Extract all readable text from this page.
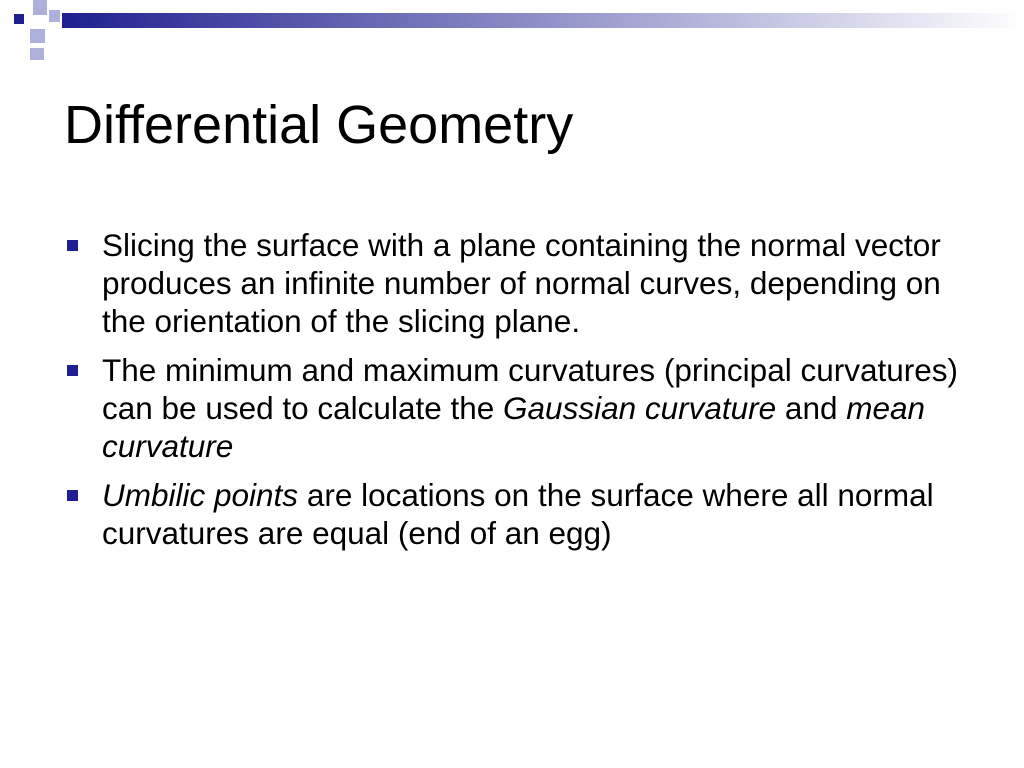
Differential Geometry
Slicing the surface with a plane containing the normal vector produces an infinite number of normal curves, depending on the orientation of the slicing plane.
The minimum and maximum curvatures (principal curvatures) can be used to calculate the Gaussian curvature and mean curvature
Umbilic points are locations on the surface where all normal curvatures are equal (end of an egg)
